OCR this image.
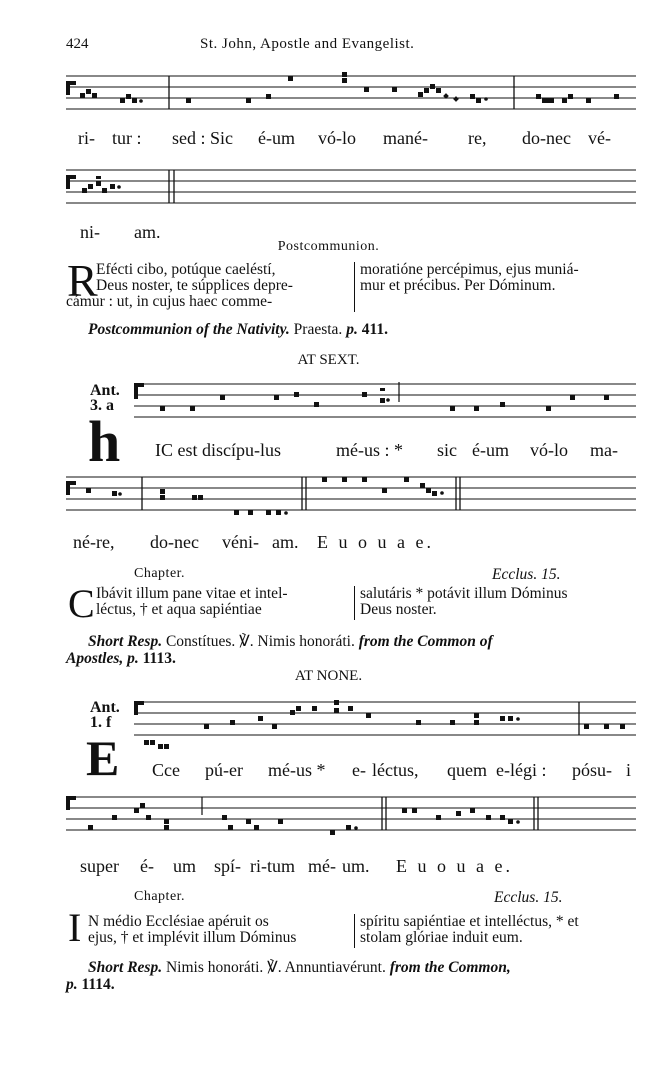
424	St. John, Apostle and Evangelist.
ri- tur : sed : Sic é-um vó-lo mané- re, do-nec vé-
ni- am.
Postcommunion.
R

Efécti cibo, potúque caeléstí,

Deus noster, te súpplices depre-

cámur : ut, in cujus haec comme-

moratióne percépimus, ejus muniá-

mur et précibus. Per Dóminum.

Postcommunion of the Nativity. Praesta. p. 411.
AT SEXT.
Ant.
3. a
h IC est discípu-lus	mé-us : * sic é-um vó-lo ma-
né-re, do-nec véni- am. E u o u a e.
Chapter.	Ecclus. 15.
C Ibávit illum pane vitae et intel-

léctus, † et aqua sapiéntiae

salutáris * potávit illum Dóminus

Deus noster.

Short Resp. Constítues. ℣. Nimis honoráti. from the Common of
Apostles, p. 1113.
AT NONE.
Ant.
1. f
E Cce pú-er mé-us * e- léctus, quem e-légi : pósu- i
super é- um spí- ri-tum mé- um. E u o u a e.
Chapter.	Ecclus. 15.
I N médio Ecclésiae apéruit os

ejus, † et implévit illum Dóminus

spíritu sapiéntiae et intelléctus, * et

stolam glóriae induit eum.

Short Resp. Nimis honoráti. ℣. Annuntiavérunt. from the Common,
p. 1114.
